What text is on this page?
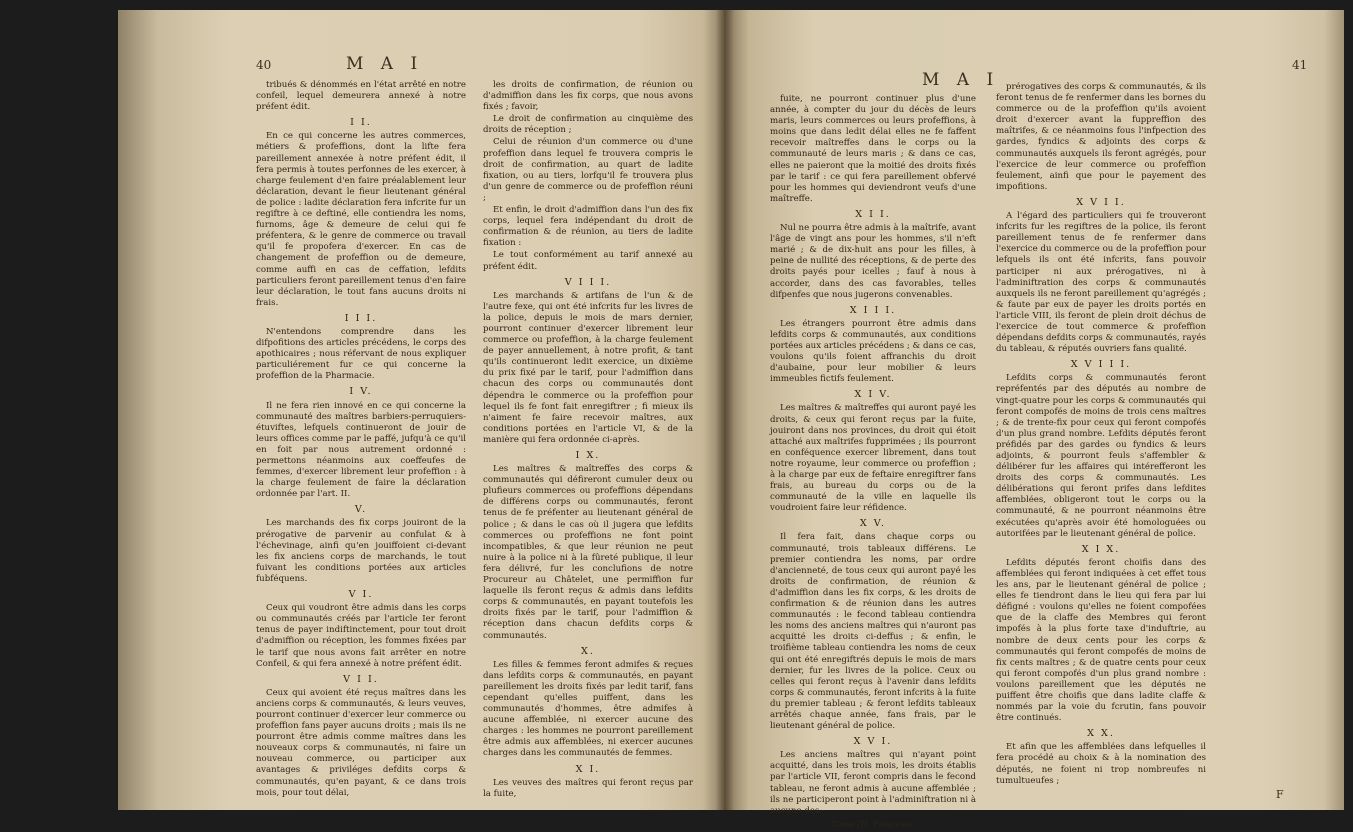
40	M A I

tribués & dénommés en l'état arrêté en notre confeil, lequel demeurera annexé à notre préfent édit.

I I.

En ce qui concerne les autres commerces, métiers & profeffions, dont la lifte fera pareillement annexée à notre préfent édit, il fera permis à toutes perfonnes de les exercer, à charge feulement d'en faire préalablement leur déclaration, devant le fieur lieutenant général de police : ladite déclaration fera infcrite fur un regiftre à ce deftiné, elle contiendra les noms, furnoms, âge & demeure de celui qui fe préfentera, & le genre de commerce ou travail qu'il fe propofera d'exercer. En cas de changement de profeffion ou de demeure, comme auffi en cas de ceffation, lefdits particuliers feront pareillement tenus d'en faire leur déclaration, le tout fans aucuns droits ni frais.

I I I.

N'entendons comprendre dans les difpofitions des articles précédens, le corps des apothicaires ; nous réfervant de nous expliquer particuliérement fur ce qui concerne la profeffion de la Pharmacie.

I V.

Il ne fera rien innové en ce qui concerne la communauté des maîtres barbiers-perruquiers-étuviftes, lefquels continueront de jouir de leurs offices comme par le paffé, jufqu'à ce qu'il en foit par nous autrement ordonné : permettons néanmoins aux coeffeufes de femmes, d'exercer librement leur profeffion : à la charge feulement de faire la déclaration ordonnée par l'art. II.

V.

Les marchands des fix corps jouiront de la prérogative de parvenir au confulat & à l'échevinage, ainfi qu'en jouiffoient ci-devant les fix anciens corps de marchands, le tout fuivant les conditions portées aux articles fubféquens.

V I.

Ceux qui voudront être admis dans les corps ou communautés créés par l'article Ier feront tenus de payer indiftinctement, pour tout droit d'admiffion ou réception, les fommes fixées par le tarif que nous avons fait arrêter en notre Confeil, & qui fera annexé à notre préfent édit.

V I I.

Ceux qui avoient été reçus maîtres dans les anciens corps & communautés, & leurs veuves, pourront continuer d'exercer leur commerce ou profeffion fans payer aucuns droits ; mais ils ne pourront être admis comme maîtres dans les nouveaux corps & communautés, ni faire un nouveau commerce, ou participer aux avantages & priviléges defdits corps & communautés, qu'en payant, & ce dans trois mois, pour tout délai,

les droits de confirmation, de réunion ou d'admiffion dans les fix corps, que nous avons fixés ; favoir,

Le droit de confirmation au cinquième des droits de réception ;

Celui de réunion d'un commerce ou d'une profeffion dans lequel fe trouvera compris le droit de confirmation, au quart de ladite fixation, ou au tiers, lorfqu'il fe trouvera plus d'un genre de commerce ou de profeffion réuni ;

Et enfin, le droit d'admiffion dans l'un des fix corps, lequel fera indépendant du droit de confirmation & de réunion, au tiers de ladite fixation :

Le tout conformément au tarif annexé au préfent édit.

V I I I.

Les marchands & artifans de l'un & de l'autre fexe, qui ont été infcrits fur les livres de la police, depuis le mois de mars dernier, pourront continuer d'exercer librement leur commerce ou profeffion, à la charge feulement de payer annuellement, à notre profit, & tant qu'ils continueront ledit exercice, un dixième du prix fixé par le tarif, pour l'admiffion dans chacun des corps ou communautés dont dépendra le commerce ou la profeffion pour lequel ils fe font fait enregiftrer ; fi mieux ils n'aiment fe faire recevoir maîtres, aux conditions portées en l'article VI, & de la manière qui fera ordonnée ci-après.

I X.

Les maîtres & maîtreffes des corps & communautés qui défireront cumuler deux ou plufieurs commerces ou profeffions dépendans de différens corps ou communautés, feront tenus de fe préfenter au lieutenant général de police ; & dans le cas où il jugera que lefdits commerces ou profeffions ne font point incompatibles, & que leur réunion ne peut nuire à la police ni à la fûreté publique, il leur fera délivré, fur les conclufions de notre Procureur au Châtelet, une permiffion fur laquelle ils feront reçus & admis dans lefdits corps & communautés, en payant toutefois les droits fixés par le tarif, pour l'admiffion & réception dans chacun defdits corps & communautés.

X.

Les filles & femmes feront admifes & reçues dans lefdits corps & communautés, en payant pareillement les droits fixés par ledit tarif, fans cependant qu'elles puiffent, dans les communautés d'hommes, être admifes à aucune affemblée, ni exercer aucune des charges : les hommes ne pourront pareillement être admis aux affemblées, ni exercer aucunes charges dans les communautés de femmes.

X I.

Les veuves des maîtres qui feront reçus par la fuite,

M A I
41

fuite, ne pourront continuer plus d'une année, à compter du jour du décès de leurs maris, leurs commerces ou leurs profeffions, à moins que dans ledit délai elles ne fe faffent recevoir maîtreffes dans le corps ou la communauté de leurs maris ; & dans ce cas, elles ne paieront que la moitié des droits fixés par le tarif : ce qui fera pareillement obfervé pour les hommes qui deviendront veufs d'une maîtreffe.

X I I.

Nul ne pourra être admis à la maîtrife, avant l'âge de vingt ans pour les hommes, s'il n'eft marié ; & de dix-huit ans pour les filles, à peine de nullité des réceptions, & de perte des droits payés pour icelles ; fauf à nous à accorder, dans des cas favorables, telles difpenfes que nous jugerons convenables.

X I I I.

Les étrangers pourront être admis dans lefdits corps & communautés, aux conditions portées aux articles précédens ; & dans ce cas, voulons qu'ils foient affranchis du droit d'aubaine, pour leur mobilier & leurs immeubles fictifs feulement.

X I V.

Les maîtres & maîtreffes qui auront payé les droits, & ceux qui feront reçus par la fuite, jouiront dans nos provinces, du droit qui étoit attaché aux maîtrifes fupprimées ; ils pourront en conféquence exercer librement, dans tout notre royaume, leur commerce ou profeffion ; à la charge par eux de feftaire enregiftrer fans frais, au bureau du corps ou de la communauté de la ville en laquelle ils voudroient faire leur réfidence.

X V.

Il fera fait, dans chaque corps ou communauté, trois tableaux différens. Le premier contiendra les noms, par ordre d'ancienneté, de tous ceux qui auront payé les droits de confirmation, de réunion & d'admiffion dans les fix corps, & les droits de confirmation & de réunion dans les autres communautés : le fecond tableau contiendra les noms des anciens maîtres qui n'auront pas acquitté les droits ci-deffus ; & enfin, le troifième tableau contiendra les noms de ceux qui ont été enregiftrés depuis le mois de mars dernier, fur les livres de la police. Ceux ou celles qui feront reçus à l'avenir dans lefdits corps & communautés, feront infcrits à la fuite du premier tableau ; & feront lefdits tableaux arrêtés chaque année, fans frais, par le lieutenant général de police.

X V I.

Les anciens maîtres qui n'ayant point acquitté, dans les trois mois, les droits établis par l'article VII, feront compris dans le fecond tableau, ne feront admis à aucune affemblée ; ils ne participeront point à l'adminiftration ni à aucune des

Tome III. Finances.

prérogatives des corps & communautés, & ils feront tenus de fe renfermer dans les bornes du commerce ou de la profeffion qu'ils avoient droit d'exercer avant la fuppreffion des maîtrifes, & ce néanmoins fous l'infpection des gardes, fyndics & adjoints des corps & communautés auxquels ils feront agrégés, pour l'exercice de leur commerce ou profeffion feulement, ainfi que pour le payement des impofitions.

X V I I.

A l'égard des particuliers qui fe trouveront infcrits fur les regiftres de la police, ils feront pareillement tenus de fe renfermer dans l'exercice du commerce ou de la profeffion pour lefquels ils ont été infcrits, fans pouvoir participer ni aux prérogatives, ni à l'adminiftration des corps & communautés auxquels ils ne feront pareillement qu'agrégés ; & faute par eux de payer les droits portés en l'article VIII, ils feront de plein droit déchus de l'exercice de tout commerce & profeffion dépendans defdits corps & communautés, rayés du tableau, & réputés ouvriers fans qualité.

X V I I I.

Lefdits corps & communautés feront repréfentés par des députés au nombre de vingt-quatre pour les corps & communautés qui feront compofés de moins de trois cens maîtres ; & de trente-fix pour ceux qui feront compofés d'un plus grand nombre. Lefdits députés feront préfidés par des gardes ou fyndics & leurs adjoints, & pourront feuls s'affembler & délibérer fur les affaires qui intérefferont les droits des corps & communautés. Les délibérations qui feront prifes dans lefdites affemblées, obligeront tout le corps ou la communauté, & ne pourront néanmoins être exécutées qu'après avoir été homologuées ou autorifées par le lieutenant général de police.

X I X.

Lefdits députés feront choifis dans des affemblées qui feront indiquées à cet effet tous les ans, par le lieutenant général de police ; elles fe tiendront dans le lieu qui fera par lui défigné : voulons qu'elles ne foient compofées que de la claffe des Membres qui feront impofés à la plus forte taxe d'induftrie, au nombre de deux cents pour les corps & communautés qui feront compofés de moins de fix cents maîtres ; & de quatre cents pour ceux qui feront compofés d'un plus grand nombre : voulons pareillement que les députés ne puiffent être choifis que dans ladite claffe & nommés par la voie du fcrutin, fans pouvoir être continués.

X X.

Et afin que les affemblées dans lefquelles il fera procédé au choix & à la nomination des députés, ne foient ni trop nombreufes ni tumultueufes ;

F
